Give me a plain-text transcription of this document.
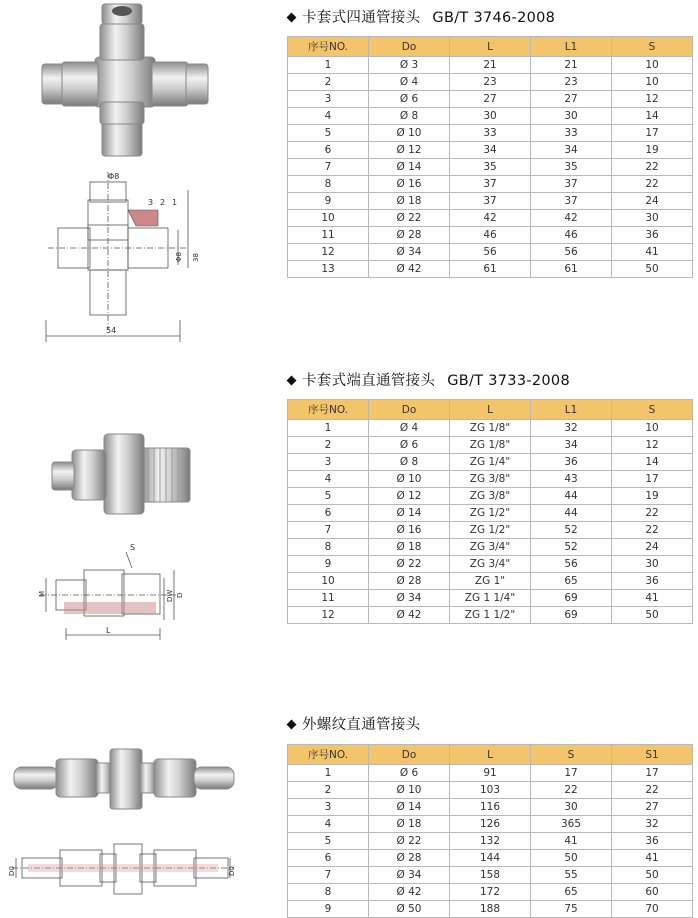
卡套式四通管接头 GB/T 3746-2008
序号NO.	Do	L	L1	S
1	Ø 3	21	21	10
2	Ø 4	23	23	10
3	Ø 6	27	27	12
4	Ø 8	30	30	14
5	Ø 10	33	33	17
6	Ø 12	34	34	19
7	Ø 14	35	35	22
8	Ø 16	37	37	22
9	Ø 18	37	37	24
10	Ø 22	42	42	30
11	Ø 28	46	46	36
12	Ø 34	56	56	41
13	Ø 42	61	61	50
Φ8
3 2 1
Φ8 38
54
卡套式端直通管接头 GB/T 3733-2008
序号NO.	Do	L	L1	S
1	Ø 4	ZG 1/8"	32	10
2	Ø 6	ZG 1/8"	34	12
3	Ø 8	ZG 1/4"	36	14
4	Ø 10	ZG 3/8"	43	17
5	Ø 12	ZG 3/8"	44	19
6	Ø 14	ZG 1/2"	44	22
7	Ø 16	ZG 1/2"	52	22
8	Ø 18	ZG 3/4"	52	24
9	Ø 22	ZG 3/4"	56	30
10	Ø 28	ZG 1"	65	36
11	Ø 34	ZG 1 1/4"	69	41
12	Ø 42	ZG 1 1/2"	69	50
S
M	DW D
L
外螺纹直通管接头
序号NO.	Do	L	S	S1
1	Ø 6	91	17	17
2	Ø 10	103	22	22
3	Ø 14	116	30	27
4	Ø 18	126	365	32
5	Ø 22	132	41	36
6	Ø 28	144	50	41
7	Ø 34	158	55	50
8	Ø 42	172	65	60
9	Ø 50	188	75	70
D0	D0
